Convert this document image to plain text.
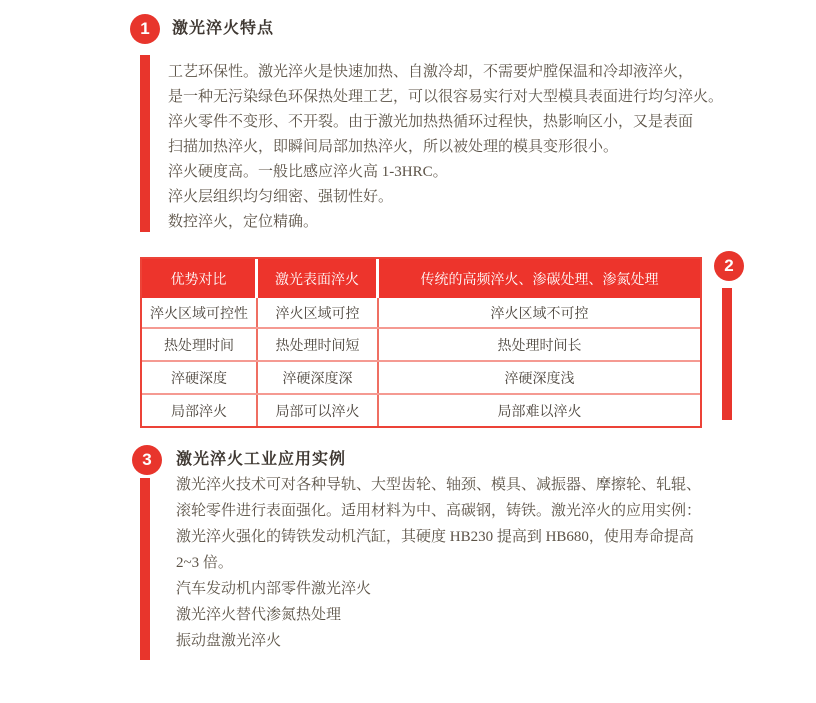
1	激光淬火特点
工艺环保性。激光淬火是快速加热、自激冷却，不需要炉膛保温和冷却液淬火，
是一种无污染绿色环保热处理工艺，可以很容易实行对大型模具表面进行均匀淬火。
淬火零件不变形、不开裂。由于激光加热热循环过程快，热影响区小，又是表面
扫描加热淬火，即瞬间局部加热淬火，所以被处理的模具变形很小。
淬火硬度高。一般比感应淬火高 1-3HRC。
淬火层组织均匀细密、强韧性好。
数控淬火，定位精确。
优势对比	激光表面淬火	传统的高频淬火、渗碳处理、渗氮处理
淬火区域可控性	淬火区域可控	淬火区域不可控
热处理时间	热处理时间短	热处理时间长
淬硬深度	淬硬深度深	淬硬深度浅
局部淬火	局部可以淬火	局部难以淬火
2
3	激光淬火工业应用实例
激光淬火技术可对各种导轨、大型齿轮、轴颈、模具、减振器、摩擦轮、轧辊、
滚轮零件进行表面强化。适用材料为中、高碳钢，铸铁。激光淬火的应用实例：
激光淬火强化的铸铁发动机汽缸，其硬度 HB230 提高到 HB680，使用寿命提高
2~3 倍。
汽车发动机内部零件激光淬火
激光淬火替代渗氮热处理
振动盘激光淬火
